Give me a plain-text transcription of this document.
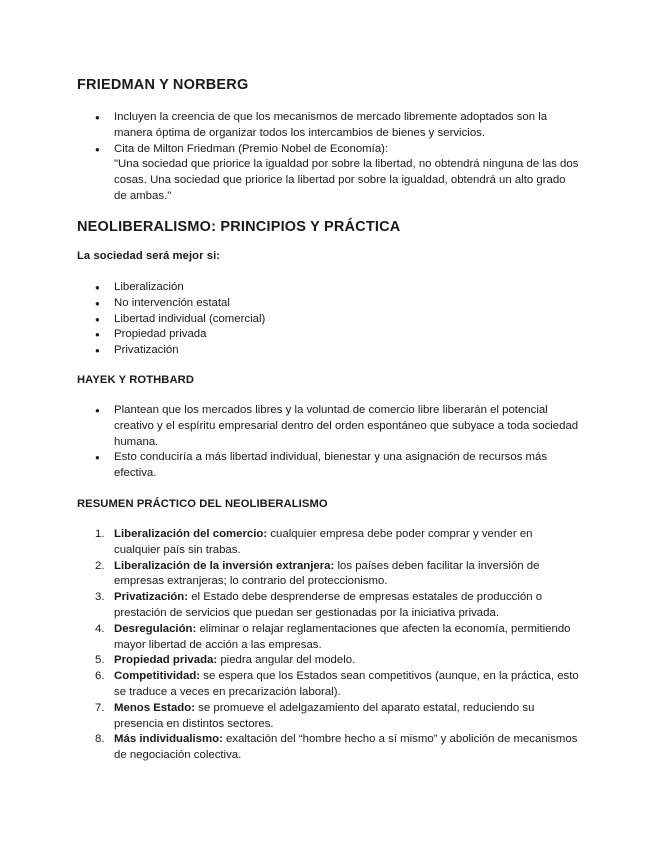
FRIEDMAN Y NORBERG
● Incluyen la creencia de que los mecanismos de mercado libremente adoptados son la manera óptima de organizar todos los intercambios de bienes y servicios.
● Cita de Milton Friedman (Premio Nobel de Economía):
"Una sociedad que priorice la igualdad por sobre la libertad, no obtendrá ninguna de las dos cosas. Una sociedad que priorice la libertad por sobre la igualdad, obtendrá un alto grado de ambas."
NEOLIBERALISMO: PRINCIPIOS Y PRÁCTICA
La sociedad será mejor si:
● Liberalización
● No intervención estatal
● Libertad individual (comercial)
● Propiedad privada
● Privatización
HAYEK Y ROTHBARD
● Plantean que los mercados libres y la voluntad de comercio libre liberarán el potencial creativo y el espíritu empresarial dentro del orden espontáneo que subyace a toda sociedad humana.
● Esto conduciría a más libertad individual, bienestar y una asignación de recursos más efectiva.
RESUMEN PRÁCTICO DEL NEOLIBERALISMO
Liberalización del comercio: cualquier empresa debe poder comprar y vender en cualquier país sin trabas.
Liberalización de la inversión extranjera: los países deben facilitar la inversión de empresas extranjeras; lo contrario del proteccionismo.
Privatización: el Estado debe desprenderse de empresas estatales de producción o prestación de servicios que puedan ser gestionadas por la iniciativa privada.
Desregulación: eliminar o relajar reglamentaciones que afecten la economía, permitiendo mayor libertad de acción a las empresas.
Propiedad privada: piedra angular del modelo.
Competitividad: se espera que los Estados sean competitivos (aunque, en la práctica, esto se traduce a veces en precarización laboral).
Menos Estado: se promueve el adelgazamiento del aparato estatal, reduciendo su presencia en distintos sectores.
Más individualismo: exaltación del “hombre hecho a sí mismo” y abolición de mecanismos de negociación colectiva.
